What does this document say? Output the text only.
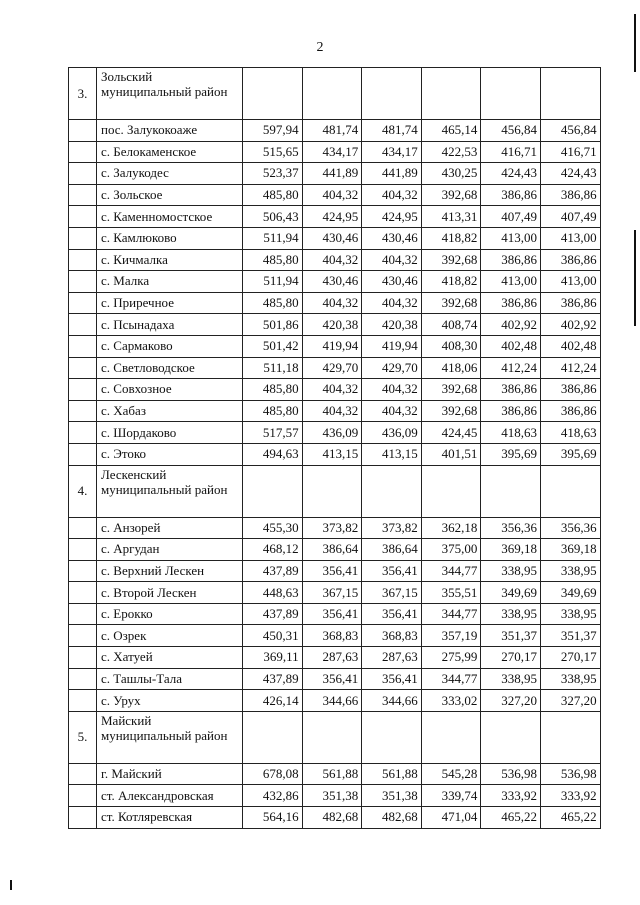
2
3.	Зольский муниципальный район						
	пос. Залукокоаже	597,94	481,74	481,74	465,14	456,84	456,84
	с. Белокаменское	515,65	434,17	434,17	422,53	416,71	416,71
	с. Залукодес	523,37	441,89	441,89	430,25	424,43	424,43
	с. Зольское	485,80	404,32	404,32	392,68	386,86	386,86
	с. Каменномостское	506,43	424,95	424,95	413,31	407,49	407,49
	с. Камлюково	511,94	430,46	430,46	418,82	413,00	413,00
	с. Кичмалка	485,80	404,32	404,32	392,68	386,86	386,86
	с. Малка	511,94	430,46	430,46	418,82	413,00	413,00
	с. Приречное	485,80	404,32	404,32	392,68	386,86	386,86
	с. Псынадаха	501,86	420,38	420,38	408,74	402,92	402,92
	с. Сармаково	501,42	419,94	419,94	408,30	402,48	402,48
	с. Светловодское	511,18	429,70	429,70	418,06	412,24	412,24
	с. Совхозное	485,80	404,32	404,32	392,68	386,86	386,86
	с. Хабаз	485,80	404,32	404,32	392,68	386,86	386,86
	с. Шордаково	517,57	436,09	436,09	424,45	418,63	418,63
	с. Этоко	494,63	413,15	413,15	401,51	395,69	395,69
4.	Лескенский муниципальный район						
	с. Анзорей	455,30	373,82	373,82	362,18	356,36	356,36
	с. Аргудан	468,12	386,64	386,64	375,00	369,18	369,18
	с. Верхний Лескен	437,89	356,41	356,41	344,77	338,95	338,95
	с. Второй Лескен	448,63	367,15	367,15	355,51	349,69	349,69
	с. Ерокко	437,89	356,41	356,41	344,77	338,95	338,95
	с. Озрек	450,31	368,83	368,83	357,19	351,37	351,37
	с. Хатуей	369,11	287,63	287,63	275,99	270,17	270,17
	с. Ташлы-Тала	437,89	356,41	356,41	344,77	338,95	338,95
	с. Урух	426,14	344,66	344,66	333,02	327,20	327,20
5.	Майский муниципальный район						
	г. Майский	678,08	561,88	561,88	545,28	536,98	536,98
	ст. Александровская	432,86	351,38	351,38	339,74	333,92	333,92
	ст. Котляревская	564,16	482,68	482,68	471,04	465,22	465,22
